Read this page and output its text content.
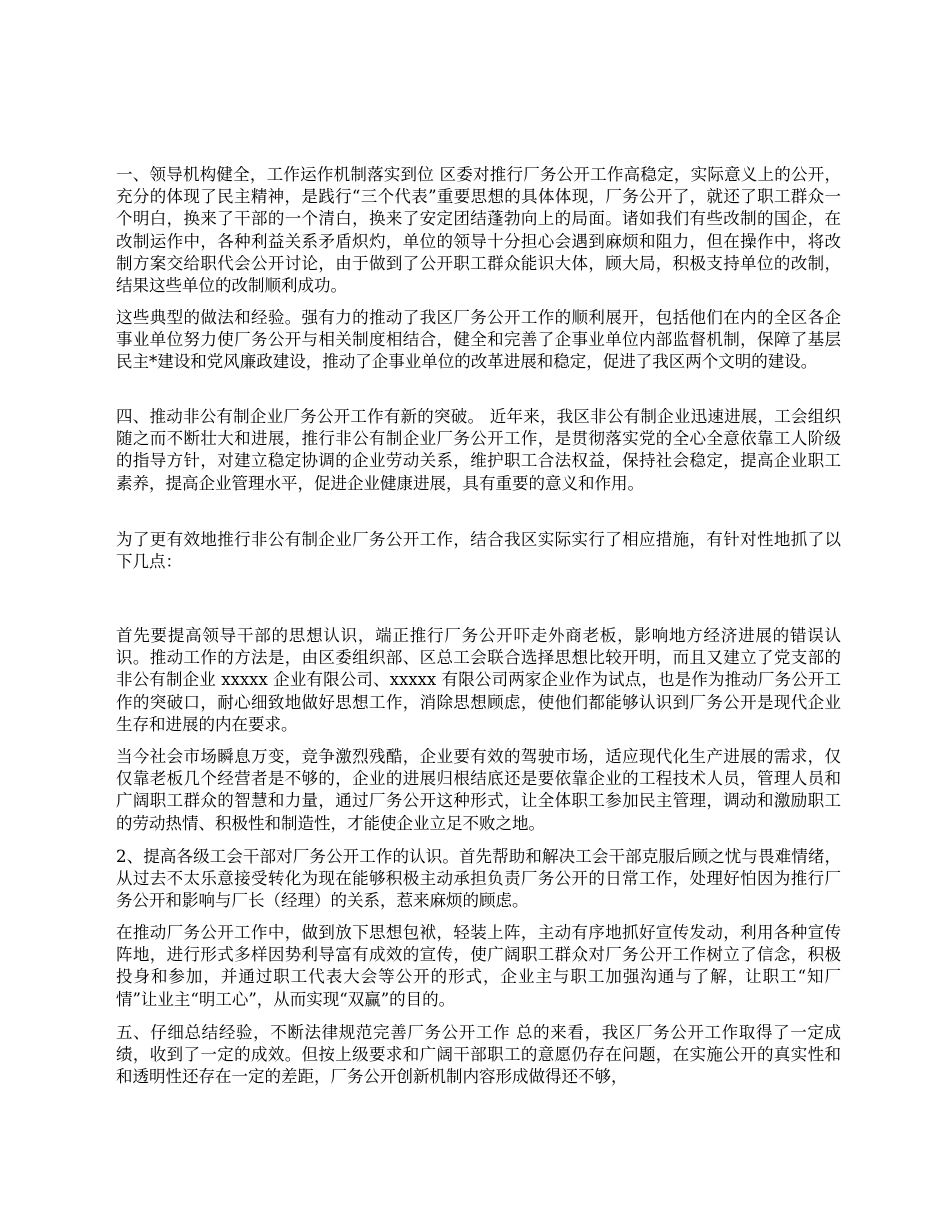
一、领导机构健全，工作运作机制落实到位 区委对推行厂务公开工作高稳定，实际意义上的公开，充分的体现了民主精神，是践行“三个代表”重要思想的具体体现，厂务公开了，就还了职工群众一个明白，换来了干部的一个清白，换来了安定团结蓬勃向上的局面。诸如我们有些改制的国企，在改制运作中，各种利益关系矛盾炽灼，单位的领导十分担心会遇到麻烦和阻力，但在操作中，将改制方案交给职代会公开讨论，由于做到了公开职工群众能识大体，顾大局，积极支持单位的改制，结果这些单位的改制顺利成功。

这些典型的做法和经验。强有力的推动了我区厂务公开工作的顺利展开，包括他们在内的全区各企事业单位努力使厂务公开与相关制度相结合，健全和完善了企事业单位内部监督机制，保障了基层民主*建设和党风廉政建设，推动了企事业单位的改革进展和稳定，促进了我区两个文明的建设。

四、推动非公有制企业厂务公开工作有新的突破。 近年来，我区非公有制企业迅速进展，工会组织随之而不断壮大和进展，推行非公有制企业厂务公开工作，是贯彻落实党的全心全意依靠工人阶级的指导方针，对建立稳定协调的企业劳动关系，维护职工合法权益，保持社会稳定，提高企业职工素养，提高企业管理水平，促进企业健康进展，具有重要的意义和作用。

为了更有效地推行非公有制企业厂务公开工作，结合我区实际实行了相应措施，有针对性地抓了以下几点：

首先要提高领导干部的思想认识，端正推行厂务公开吓走外商老板，影响地方经济进展的错误认识。推动工作的方法是，由区委组织部、区总工会联合选择思想比较开明，而且又建立了党支部的非公有制企业 xxxxx 企业有限公司、xxxxx 有限公司两家企业作为试点，也是作为推动厂务公开工作的突破口，耐心细致地做好思想工作，消除思想顾虑，使他们都能够认识到厂务公开是现代企业生存和进展的内在要求。

当今社会市场瞬息万变，竞争激烈残酷，企业要有效的驾驶市场，适应现代化生产进展的需求，仅仅靠老板几个经营者是不够的，企业的进展归根结底还是要依靠企业的工程技术人员，管理人员和广阔职工群众的智慧和力量，通过厂务公开这种形式，让全体职工参加民主管理，调动和激励职工的劳动热情、积极性和制造性，才能使企业立足不败之地。

2、提高各级工会干部对厂务公开工作的认识。首先帮助和解决工会干部克服后顾之忧与畏难情绪，从过去不太乐意接受转化为现在能够积极主动承担负责厂务公开的日常工作，处理好怕因为推行厂务公开和影响与厂长（经理）的关系，惹来麻烦的顾虑。

在推动厂务公开工作中，做到放下思想包袱，轻装上阵，主动有序地抓好宣传发动，利用各种宣传阵地，进行形式多样因势利导富有成效的宣传，使广阔职工群众对厂务公开工作树立了信念，积极投身和参加，并通过职工代表大会等公开的形式，企业主与职工加强沟通与了解，让职工“知厂情”让业主“明工心”，从而实现“双赢”的目的。

五、仔细总结经验，不断法律规范完善厂务公开工作 总的来看，我区厂务公开工作取得了一定成绩，收到了一定的成效。但按上级要求和广阔干部职工的意愿仍存在问题，在实施公开的真实性和和透明性还存在一定的差距，厂务公开创新机制内容形成做得还不够，
